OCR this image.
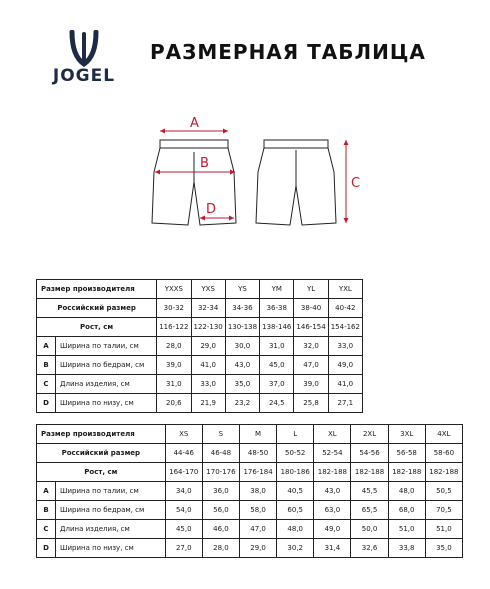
JOGEL
РАЗМЕРНАЯ ТАБЛИЦА
A
B
D
C
Размер производителя		YXXS	YXS	YS	YM	YL	YXL
Российский размер		30-32	32-34	34-36	36-38	38-40	40-42
Рост, см		116-122	122-130	130-138	138-146	146-154	154-162
A	Ширина по талии, см	28,0	29,0	30,0	31,0	32,0	33,0
B	Ширина по бедрам, см	39,0	41,0	43,0	45,0	47,0	49,0
C	Длина изделия, см	31,0	33,0	35,0	37,0	39,0	41,0
D	Ширина по низу, см	20,6	21,9	23,2	24,5	25,8	27,1
Размер производителя		XS	S	M	L	XL	2XL	3XL	4XL
Российский размер		44-46	46-48	48-50	50-52	52-54	54-56	56-58	58-60
Рост, см		164-170	170-176	176-184	180-186	182-188	182-188	182-188	182-188
A	Ширина по талии, см	34,0	36,0	38,0	40,5	43,0	45,5	48,0	50,5
B	Ширина по бедрам, см	54,0	56,0	58,0	60,5	63,0	65,5	68,0	70,5
C	Длина изделия, см	45,0	46,0	47,0	48,0	49,0	50,0	51,0	51,0
D	Ширина по низу, см	27,0	28,0	29,0	30,2	31,4	32,6	33,8	35,0
